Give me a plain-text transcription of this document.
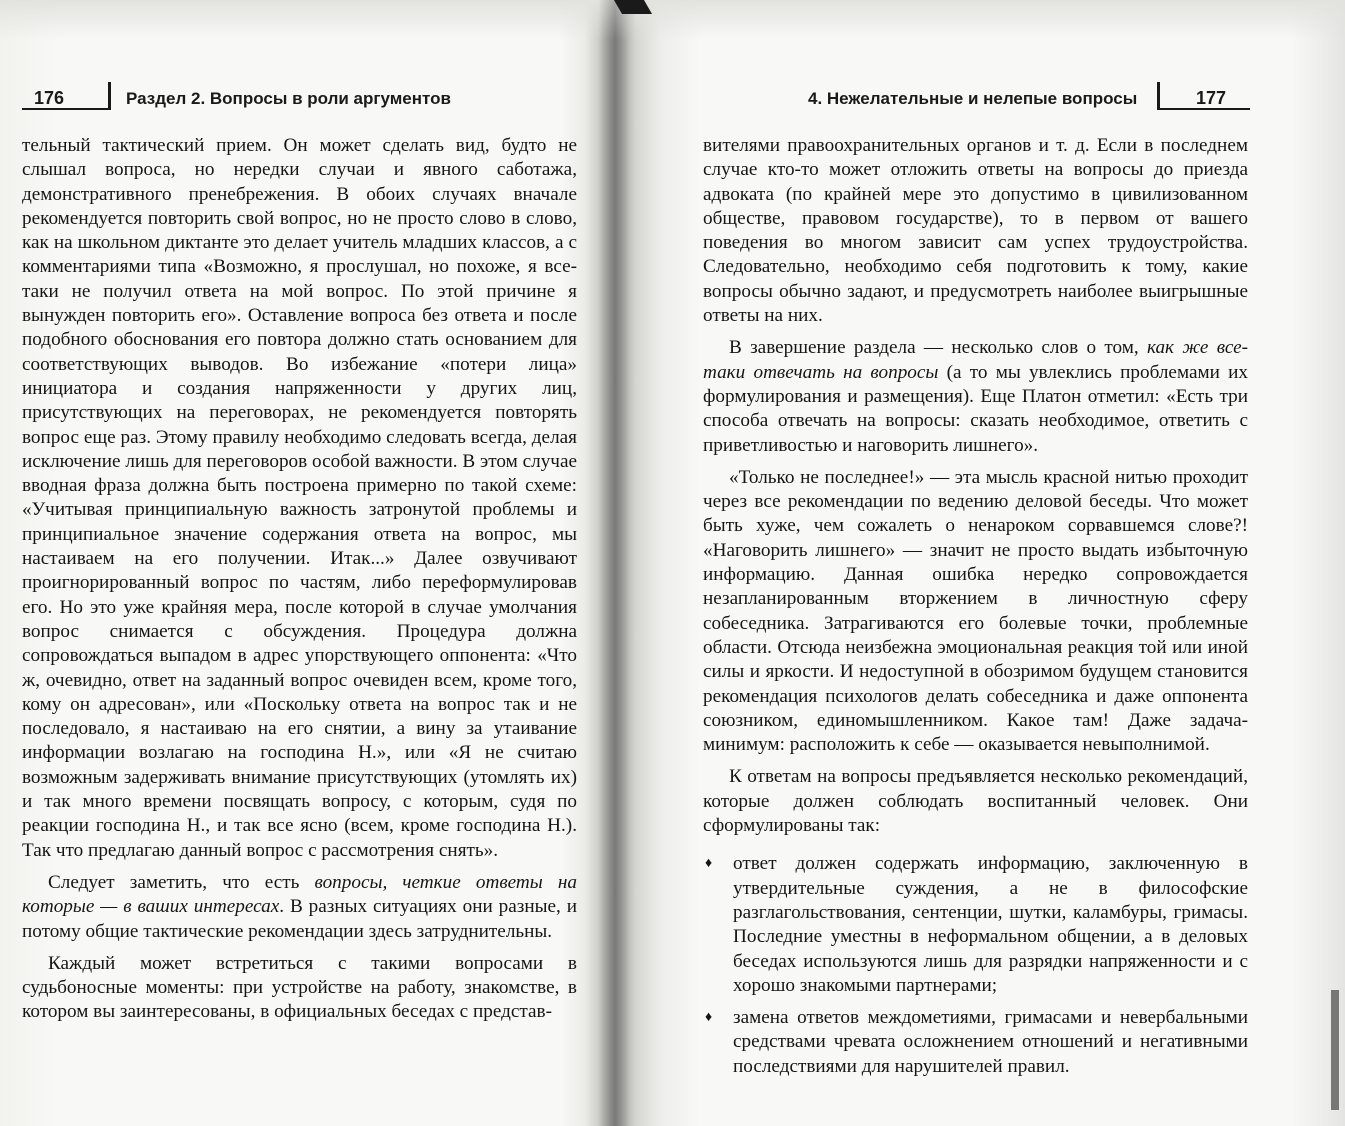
176	Раздел 2. Вопросы в роли аргументов

тельный тактический прием. Он может сделать вид, будто не слышал вопроса, но нередки случаи и явного саботажа, демонстративного пренебрежения. В обоих случаях вначале рекомендуется повторить свой вопрос, но не просто слово в слово, как на школьном диктанте это делает учитель младших классов, а с комментариями типа «Возможно, я прослушал, но похоже, я все-таки не получил ответа на мой вопрос. По этой причине я вынужден повторить его». Оставление вопроса без ответа и после подобного обоснования его повтора должно стать основанием для соответствующих выводов. Во избежание «потери лица» инициатора и создания напряженности у других лиц, присутствующих на переговорах, не рекомендуется повторять вопрос еще раз. Этому правилу необходимо следовать всегда, делая исключение лишь для переговоров особой важности. В этом случае вводная фраза должна быть построена примерно по такой схеме: «Учитывая принципиальную важность затронутой проблемы и принципиальное значение содержания ответа на вопрос, мы настаиваем на его получении. Итак...» Далее озвучивают проигнорированный вопрос по частям, либо переформулировав его. Но это уже крайняя мера, после которой в случае умолчания вопрос снимается с обсуждения. Процедура должна сопровождаться выпадом в адрес упорствующего оппонента: «Что ж, очевидно, ответ на заданный вопрос очевиден всем, кроме того, кому он адресован», или «Поскольку ответа на вопрос так и не последовало, я настаиваю на его снятии, а вину за утаивание информации возлагаю на господина Н.», или «Я не считаю возможным задерживать внимание присутствующих (утомлять их) и так много времени посвящать вопросу, с которым, судя по реакции господина Н., и так все ясно (всем, кроме господина Н.). Так что предлагаю данный вопрос с рассмотрения снять».

Следует заметить, что есть вопросы, четкие ответы на которые — в ваших интересах. В разных ситуациях они разные, и потому общие тактические рекомендации здесь затруднительны.

Каждый может встретиться с такими вопросами в судьбоносные моменты: при устройстве на работу, знакомстве, в котором вы заинтересованы, в официальных беседах с представ-

4. Нежелательные и нелепые вопросы	177

вителями правоохранительных органов и т. д. Если в последнем случае кто-то может отложить ответы на вопросы до приезда адвоката (по крайней мере это допустимо в цивилизованном обществе, правовом государстве), то в первом от вашего поведения во многом зависит сам успех трудоустройства. Следовательно, необходимо себя подготовить к тому, какие вопросы обычно задают, и предусмотреть наиболее выигрышные ответы на них.

В завершение раздела — несколько слов о том, как же все-таки отвечать на вопросы (а то мы увлеклись проблемами их формулирования и размещения). Еще Платон отметил: «Есть три способа отвечать на вопросы: сказать необходимое, ответить с приветливостью и наговорить лишнего».

«Только не последнее!» — эта мысль красной нитью проходит через все рекомендации по ведению деловой беседы. Что может быть хуже, чем сожалеть о ненароком сорвавшемся слове?! «Наговорить лишнего» — значит не просто выдать избыточную информацию. Данная ошибка нередко сопровождается незапланированным вторжением в личностную сферу собеседника. Затрагиваются его болевые точки, проблемные области. Отсюда неизбежна эмоциональная реакция той или иной силы и яркости. И недоступной в обозримом будущем становится рекомендация психологов делать собеседника и даже оппонента союзником, единомышленником. Какое там! Даже задача-минимум: расположить к себе — оказывается невыполнимой.

К ответам на вопросы предъявляется несколько рекомендаций, которые должен соблюдать воспитанный человек. Они сформулированы так:

♦ ответ должен содержать информацию, заключенную в утвердительные суждения, а не в философские разглагольствования, сентенции, шутки, каламбуры, гримасы. Последние уместны в неформальном общении, а в деловых беседах используются лишь для разрядки напряженности и с хорошо знакомыми партнерами;
♦ замена ответов междометиями, гримасами и невербальными средствами чревата осложнением отношений и негативными последствиями для нарушителей правил.
